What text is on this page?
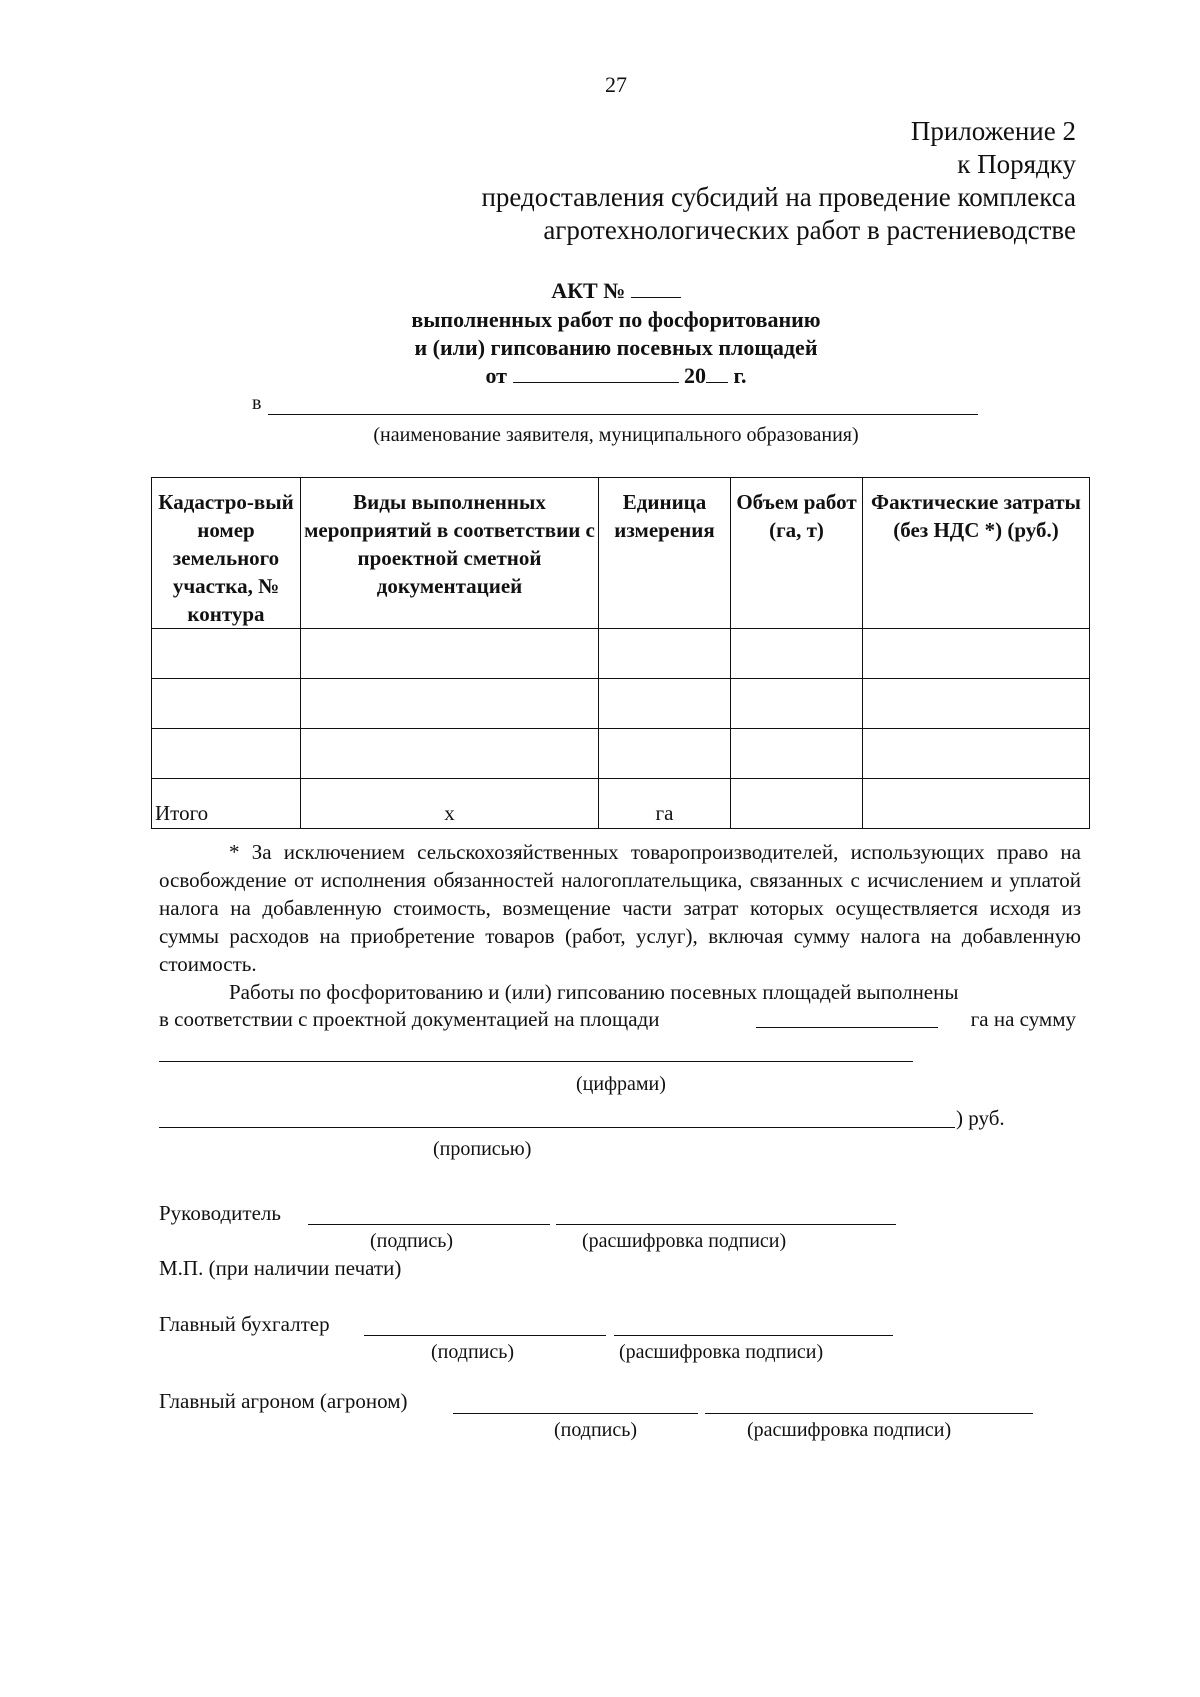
27
Приложение 2
к Порядку
предоставления субсидий на проведение комплекса
агротехнологических работ в растениеводстве
АКТ №
выполненных работ по фосфоритованию
и (или) гипсованию посевных площадей
от	20 г.
в
(наименование заявителя, муниципального образования)
Кадастро-вый номер земельного участка, № контура	Виды выполненных мероприятий в соответствии с проектной сметной документацией	Единица измерения	Объем работ (га, т)	Фактические затраты (без НДС *) (руб.)

Итого	х	га		

* За исключением сельскохозяйственных товаропроизводителей, использующих право на освобождение от исполнения обязанностей налогоплательщика, связанных с исчислением и уплатой налога на добавленную стоимость, возмещение части затрат которых осуществляется исходя из суммы расходов на приобретение товаров (работ, услуг), включая сумму налога на добавленную стоимость.

Работы по фосфоритованию и (или) гипсованию посевных площадей выполнены

в соответствии с проектной документацией на площади	га на сумму
(цифрами)
) руб.
(прописью)
Руководитель
(подпись)	(расшифровка подписи)
М.П. (при наличии печати)
Главный бухгалтер
(подпись)	(расшифровка подписи)
Главный агроном (агроном)
(подпись)	(расшифровка подписи)
